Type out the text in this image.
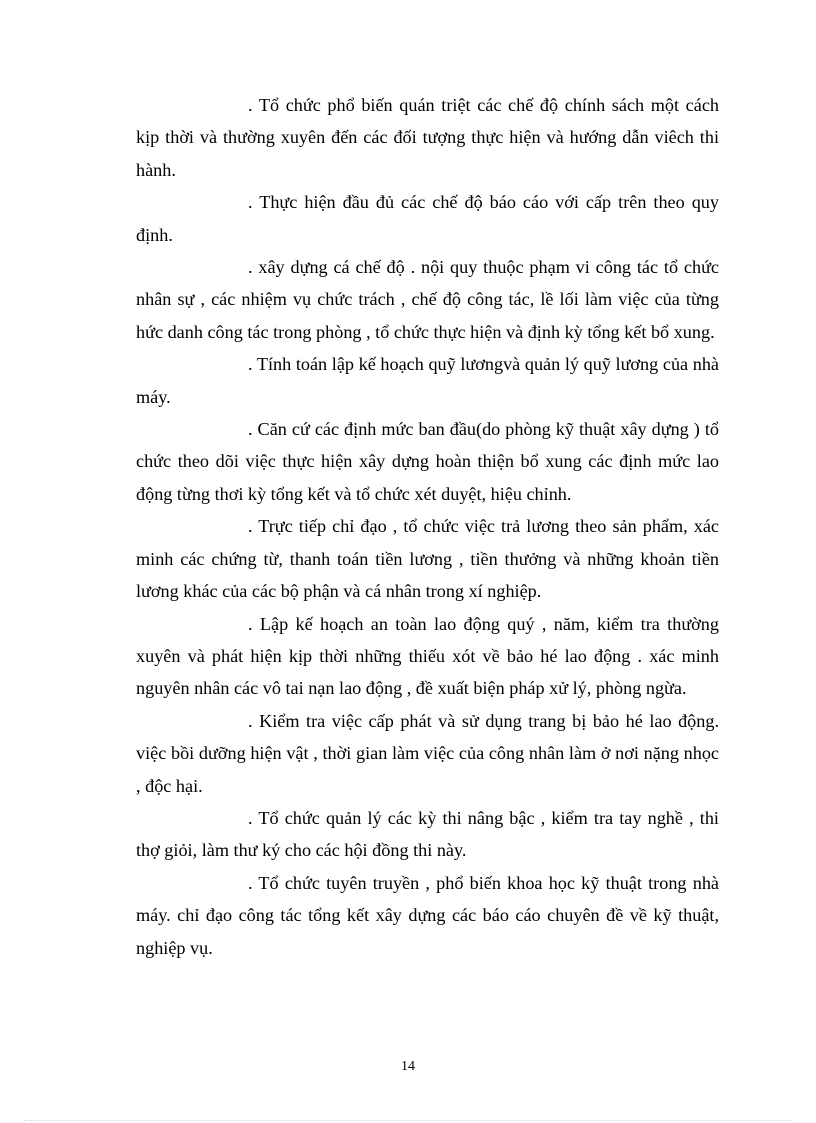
. Tổ chức phổ biến quán triệt các chế độ chính sách một cách kịp thời và thường xuyên đến các đối tượng thực hiện và hướng dẫn viêch thi hành.

. Thực hiện đầu đủ các chế độ báo cáo với cấp trên theo quy định.

. xây dựng cá chế độ . nội quy thuộc phạm vi công tác tổ chức nhân sự , các nhiệm vụ chức trách , chế độ công tác, lề lối làm việc của từng hức danh công tác trong phòng , tổ chức thực hiện và định kỳ tổng kết bổ xung.

. Tính toán lập kế hoạch quỹ lươngvà quản lý quỹ lương của nhà máy.

. Căn cứ các định mức ban đầu(do phòng kỹ thuật xây dựng ) tổ chức theo dõi việc thực hiện xây dựng hoàn thiện bổ xung các định mức lao động từng thơi kỳ tổng kết và tổ chức xét duyệt, hiệu chỉnh.

. Trực tiếp chỉ đạo , tổ chức việc trả lương theo sản phẩm, xác minh các chứng từ, thanh toán tiền lương , tiền thưởng và những khoản tiền lương khác của các bộ phận và cá nhân trong xí nghiệp.

. Lập kế hoạch an toàn lao động quý , năm, kiểm tra thường xuyên và phát hiện kịp thời những thiếu xót về bảo hé lao động . xác minh nguyên nhân các vô tai nạn lao động , đề xuất biện pháp xử lý, phòng ngừa.

. Kiểm tra việc cấp phát và sử dụng trang bị bảo hé lao động. việc bồi dưỡng hiện vật , thời gian làm việc của công nhân làm ở nơi nặng nhọc , độc hại.

. Tổ chức quản lý các kỳ thi nâng bậc , kiểm tra tay nghề , thi thợ giỏi, làm thư ký cho các hội đồng thi này.

. Tổ chức tuyên truyền , phổ biến khoa học kỹ thuật trong nhà máy. chỉ đạo công tác tổng kết xây dựng các báo cáo chuyên đề về kỹ thuật, nghiệp vụ.

14
